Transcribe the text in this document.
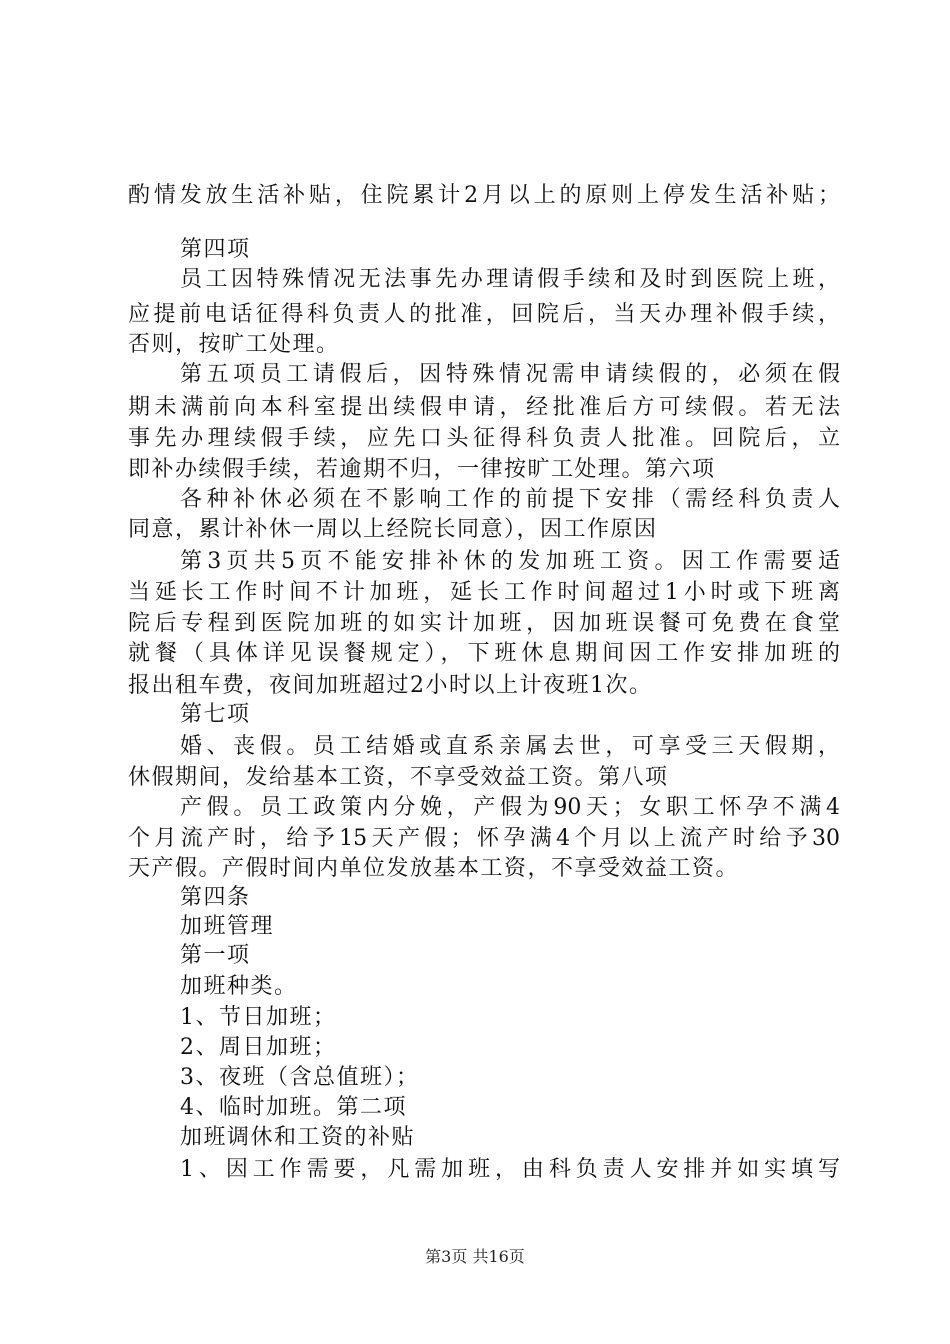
酌情发放生活补贴，住院累计2月以上的原则上停发生活补贴；
第四项
员工因特殊情况无法事先办理请假手续和及时到医院上班，
应提前电话征得科负责人的批准，回院后，当天办理补假手续，
否则，按旷工处理。
第五项员工请假后，因特殊情况需申请续假的，必须在假
期未满前向本科室提出续假申请，经批准后方可续假。若无法
事先办理续假手续，应先口头征得科负责人批准。回院后，立
即补办续假手续，若逾期不归，一律按旷工处理。第六项
各种补休必须在不影响工作的前提下安排（需经科负责人
同意，累计补休一周以上经院长同意），因工作原因
第3页共5页不能安排补休的发加班工资。因工作需要适
当延长工作时间不计加班，延长工作时间超过1小时或下班离
院后专程到医院加班的如实计加班，因加班误餐可免费在食堂
就餐（具体详见误餐规定），下班休息期间因工作安排加班的
报出租车费，夜间加班超过2小时以上计夜班1次。
第七项
婚、丧假。员工结婚或直系亲属去世，可享受三天假期，
休假期间，发给基本工资，不享受效益工资。第八项
产假。员工政策内分娩，产假为90天；女职工怀孕不满4
个月流产时，给予15天产假；怀孕满4个月以上流产时给予30
天产假。产假时间内单位发放基本工资，不享受效益工资。
第四条
加班管理
第一项
加班种类。
1、节日加班；
2、周日加班；
3、夜班（含总值班）；
4、临时加班。第二项
加班调休和工资的补贴
1、因工作需要，凡需加班，由科负责人安排并如实填写
第3页 共16页
